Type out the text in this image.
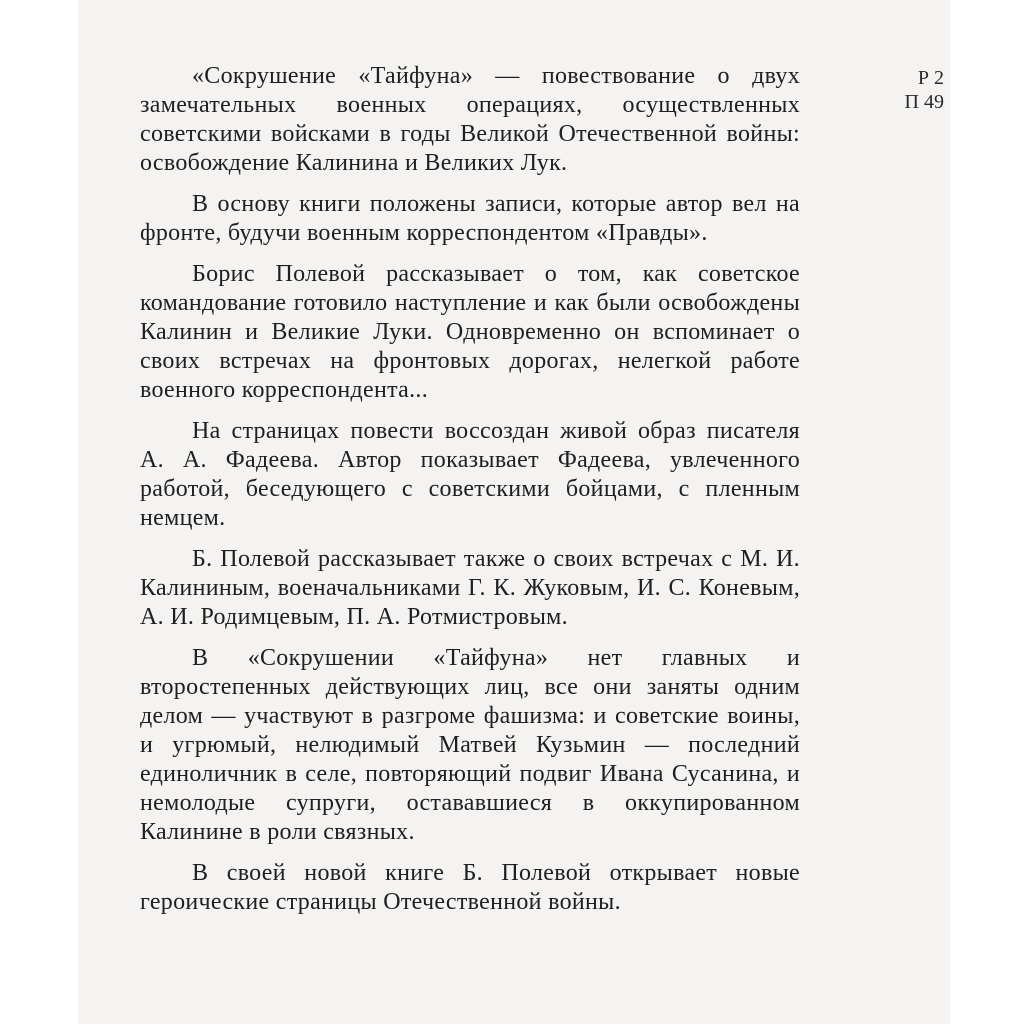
Р 2
П 49

«Сокрушение «Тайфуна» — повествование о двух замечательных военных операциях, осуществленных советскими войсками в годы Великой Отечественной войны: освобождение Калинина и Великих Лук.

В основу книги положены записи, которые автор вел на фронте, будучи военным корреспондентом «Правды».

Борис Полевой рассказывает о том, как советское командование готовило наступление и как были освобождены Калинин и Великие Луки. Одновременно он вспоминает о своих встречах на фронтовых дорогах, нелегкой работе военного корреспондента...

На страницах повести воссоздан живой образ писателя А. А. Фадеева. Автор показывает Фадеева, увлеченного работой, беседующего с советскими бойцами, с пленным немцем.

Б. Полевой рассказывает также о своих встречах с М. И. Калининым, военачальниками Г. К. Жуковым, И. С. Коневым, А. И. Родимцевым, П. А. Ротмистровым.

В «Сокрушении «Тайфуна» нет главных и второстепенных действующих лиц, все они заняты одним делом — участвуют в разгроме фашизма: и советские воины, и угрюмый, нелюдимый Матвей Кузьмин — последний единоличник в селе, повторяющий подвиг Ивана Сусанина, и немолодые супруги, остававшиеся в оккупированном Калинине в роли связных.

В своей новой книге Б. Полевой открывает новые героические страницы Отечественной войны.
